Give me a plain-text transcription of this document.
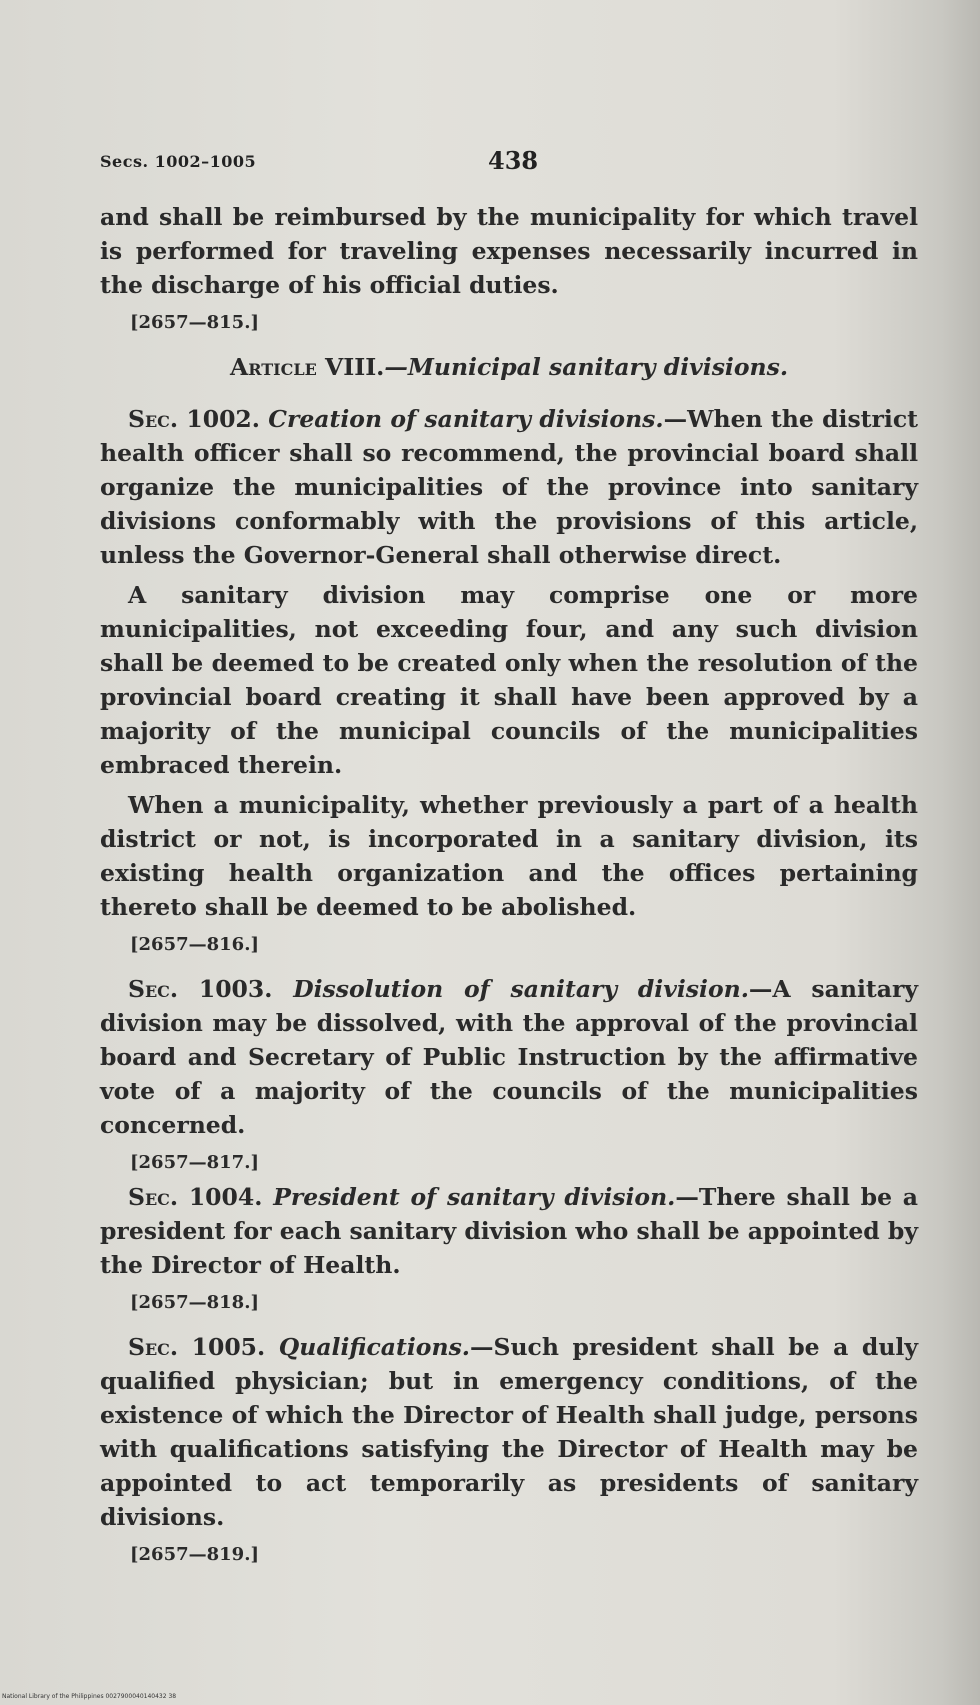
Secs. 1002–1005	438

and shall be reimbursed by the municipality for which travel is performed for traveling expenses necessarily incurred in the discharge of his official duties.

[2657—815.]
Article VIII.—Municipal sanitary divisions.

Sec. 1002. Creation of sanitary divisions.—When the district health officer shall so recommend, the provincial board shall organize the municipalities of the province into sanitary divisions conformably with the provisions of this article, unless the Governor-General shall otherwise direct.

A sanitary division may comprise one or more municipalities, not exceeding four, and any such division shall be deemed to be created only when the resolution of the provincial board creating it shall have been approved by a majority of the municipal councils of the municipalities embraced therein.

When a municipality, whether previously a part of a health district or not, is incorporated in a sanitary division, its existing health organization and the offices pertaining thereto shall be deemed to be abolished.

[2657—816.]

Sec. 1003. Dissolution of sanitary division.—A sanitary division may be dissolved, with the approval of the provincial board and Secretary of Public Instruction by the affirmative vote of a majority of the councils of the municipalities concerned.

[2657—817.]

Sec. 1004. President of sanitary division.—There shall be a president for each sanitary division who shall be appointed by the Director of Health.

[2657—818.]

Sec. 1005. Qualifications.—Such president shall be a duly qualified physician; but in emergency conditions, of the existence of which the Director of Health shall judge, persons with qualifications satisfying the Director of Health may be appointed to act temporarily as presidents of sanitary divisions.

[2657—819.]
National Library of the Philippines 0027900040140432 38
